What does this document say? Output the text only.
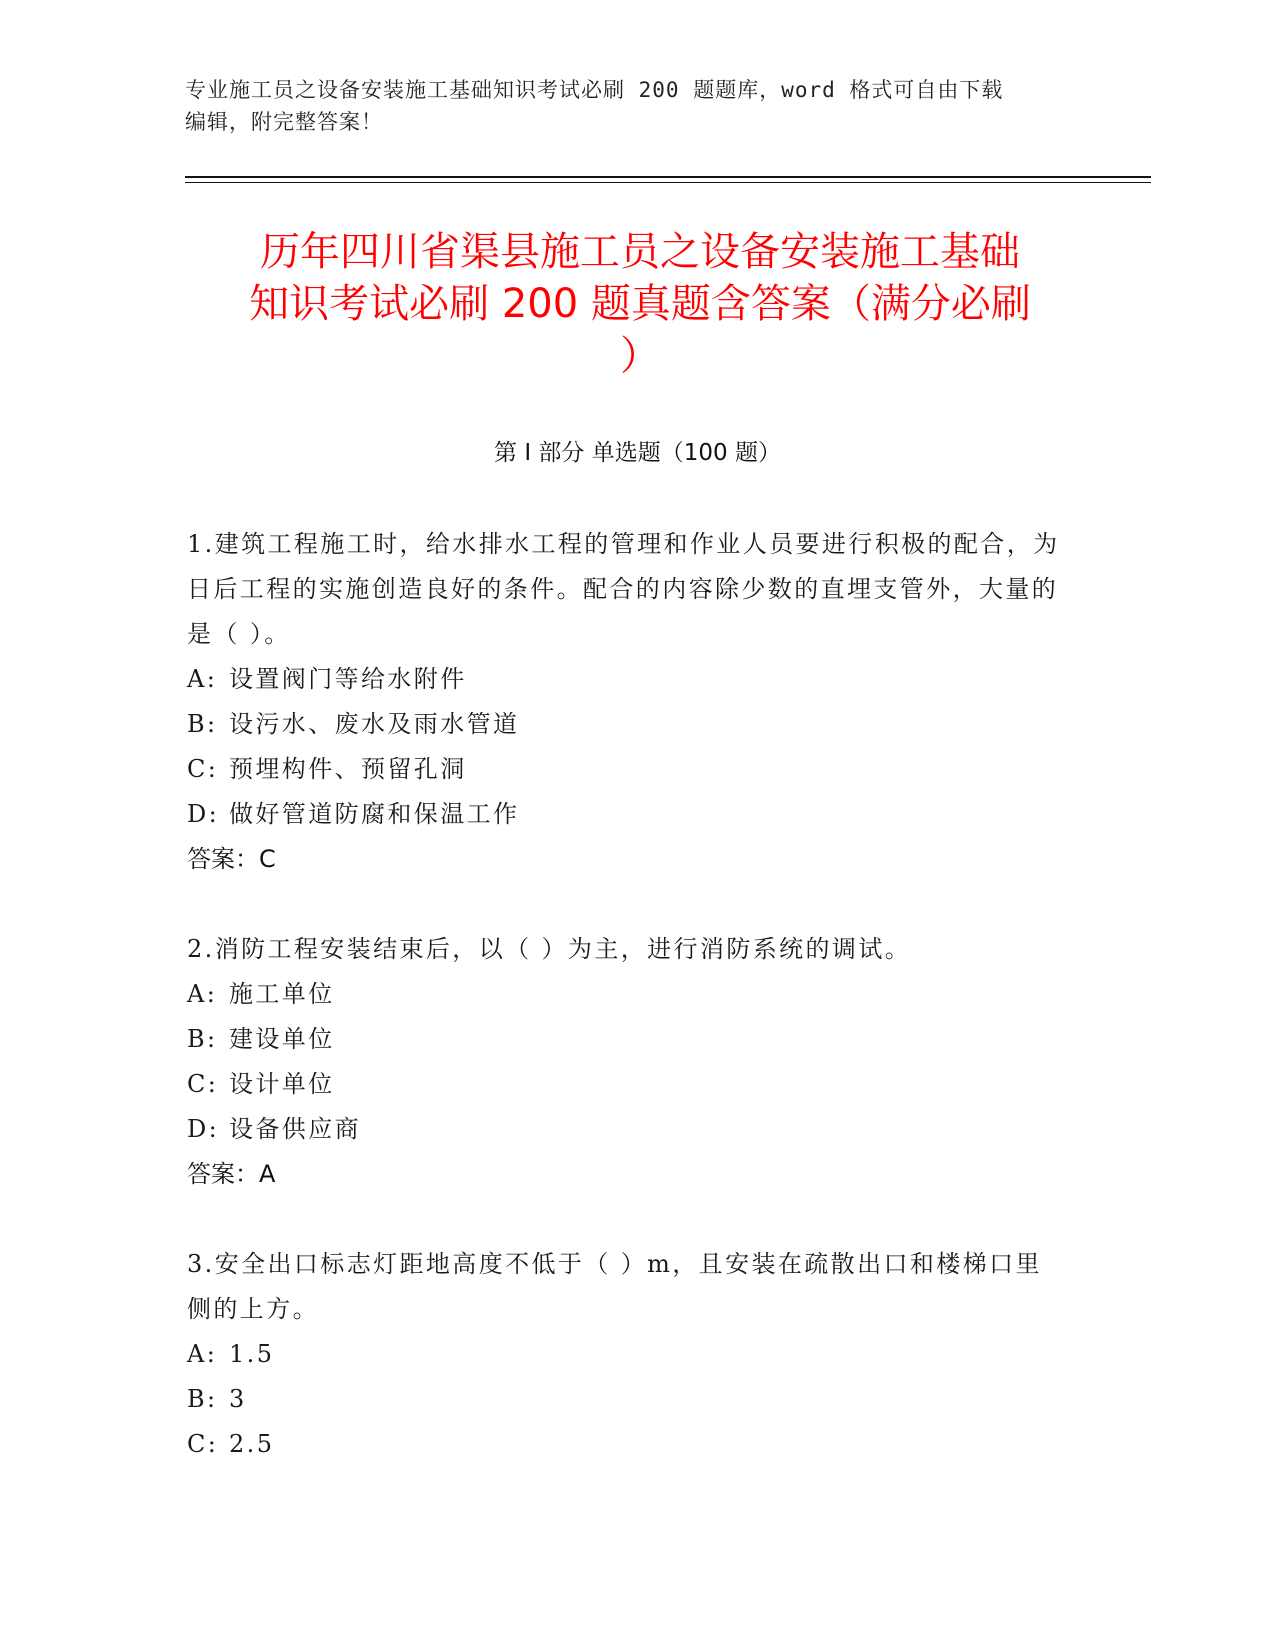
专业施工员之设备安装施工基础知识考试必刷 200 题题库，word 格式可自由下载
编辑，附完整答案！
历年四川省渠县施工员之设备安装施工基础
知识考试必刷 200 题真题含答案（满分必刷
）
第 I 部分 单选题（100 题）
1.建筑工程施工时，给水排水工程的管理和作业人员要进行积极的配合，为日后工程的实施创造良好的条件。配合的内容除少数的直埋支管外，大量的是（ ）。
A: 设置阀门等给水附件
B: 设污水、废水及雨水管道
C: 预埋构件、预留孔洞
D: 做好管道防腐和保温工作
答案：C
2.消防工程安装结束后，以（ ）为主，进行消防系统的调试。
A: 施工单位
B: 建设单位
C: 设计单位
D: 设备供应商
答案：A
3.安全出口标志灯距地高度不低于（ ）m，且安装在疏散出口和楼梯口里侧的上方。
A: 1.5
B: 3
C: 2.5
